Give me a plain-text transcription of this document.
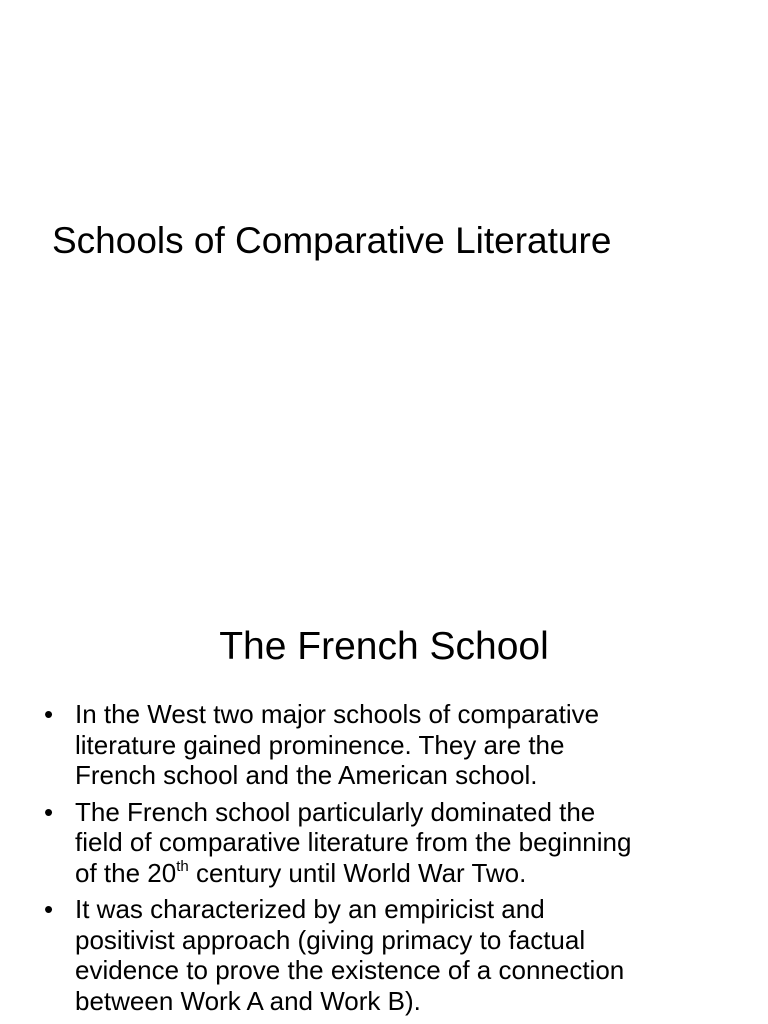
Schools of Comparative Literature
The French School
• In the West two major schools of comparative
literature gained prominence. They are the
French school and the American school.
• The French school particularly dominated the
field of comparative literature from the beginning
of the 20th century until World War Two.
• It was characterized by an empiricist and
positivist approach (giving primacy to factual
evidence to prove the existence of a connection
between Work A and Work B).
